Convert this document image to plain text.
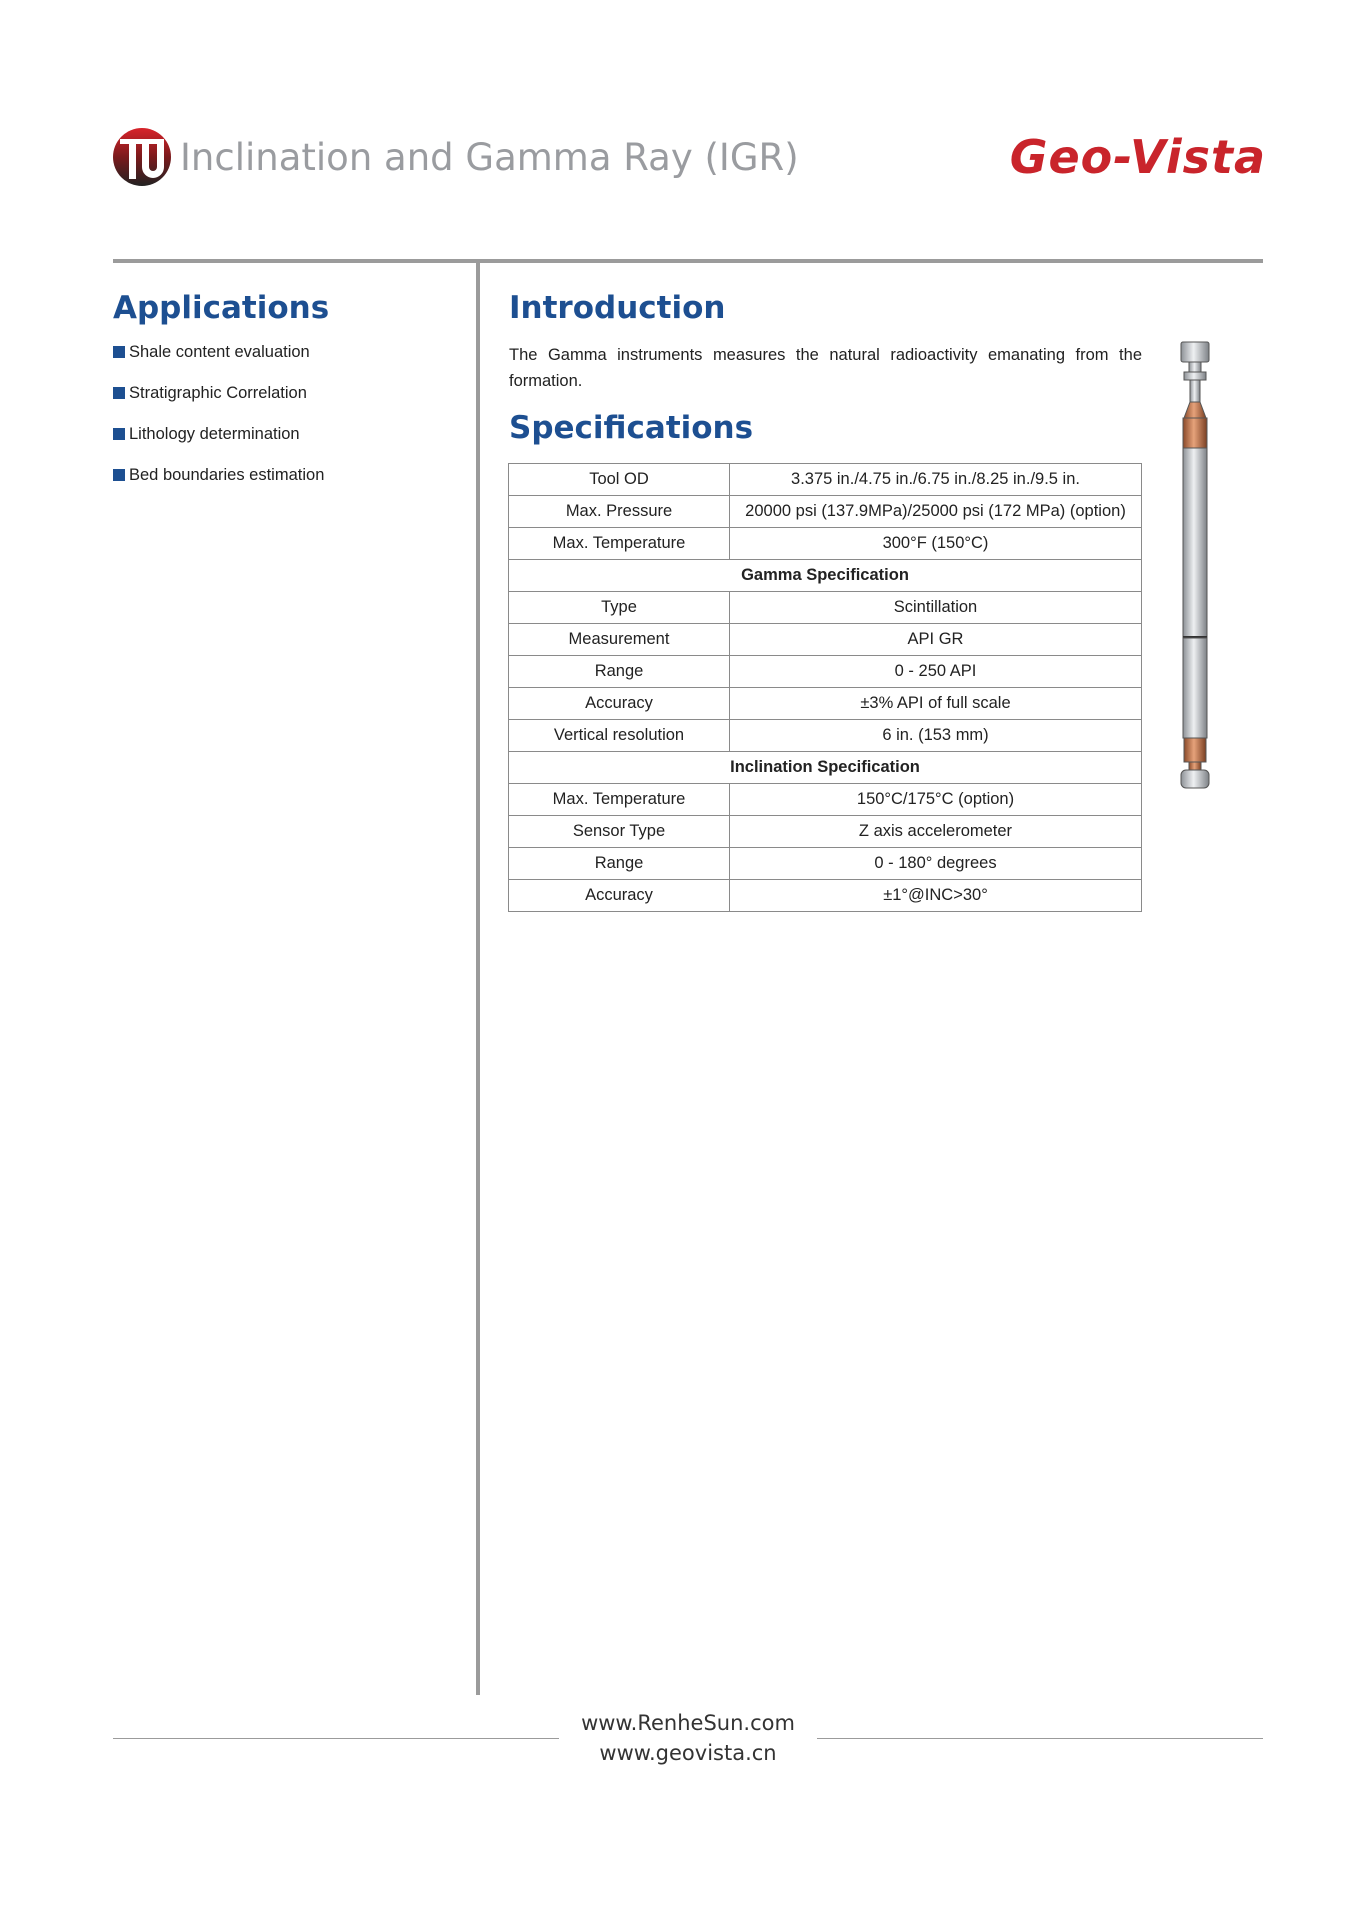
Inclination and Gamma Ray (IGR)	Geo-Vista
Applications
Shale content evaluation
Stratigraphic Correlation
Lithology determination
Bed boundaries estimation
Introduction

The Gamma instruments measures the natural radioactivity emanating from the formation.

Specifications
Tool OD	3.375 in./4.75 in./6.75 in./8.25 in./9.5 in.
Max. Pressure	20000 psi (137.9MPa)/25000 psi (172 MPa) (option)
Max. Temperature	300°F (150°C)
Gamma Specification	
Type	Scintillation
Measurement	API GR
Range	0 - 250 API
Accuracy	±3% API of full scale
Vertical resolution	6 in. (153 mm)
Inclination Specification	
Max. Temperature	150°C/175°C (option)
Sensor Type	Z axis accelerometer
Range	0 - 180° degrees
Accuracy	±1°@INC>30°
www.RenheSun.com
www.geovista.cn
